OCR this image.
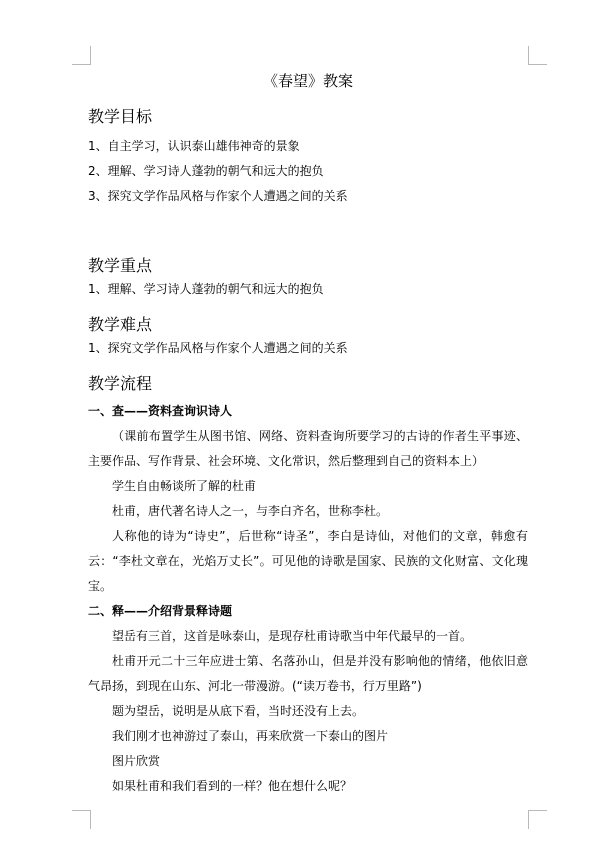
《春望》教案
教学目标

1、自主学习，认识泰山雄伟神奇的景象

2、理解、学习诗人蓬勃的朝气和远大的抱负

3、探究文学作品风格与作家个人遭遇之间的关系

教学重点

1、理解、学习诗人蓬勃的朝气和远大的抱负

教学难点

1、探究文学作品风格与作家个人遭遇之间的关系

教学流程

一、查——资料查询识诗人

（课前布置学生从图书馆、网络、资料查询所要学习的古诗的作者生平事迹、主要作品、写作背景、社会环境、文化常识，然后整理到自己的资料本上）

学生自由畅谈所了解的杜甫

杜甫，唐代著名诗人之一，与李白齐名，世称李杜。

人称他的诗为“诗史”，后世称“诗圣”，李白是诗仙，对他们的文章，韩愈有云：“李杜文章在，光焰万丈长”。可见他的诗歌是国家、民族的文化财富、文化瑰宝。

二、释——介绍背景释诗题

望岳有三首，这首是咏泰山，是现存杜甫诗歌当中年代最早的一首。

杜甫开元二十三年应进士第、名落孙山，但是并没有影响他的情绪，他依旧意气昂扬，到现在山东、河北一带漫游。(“读万卷书，行万里路”)

题为望岳，说明是从底下看，当时还没有上去。

我们刚才也神游过了泰山，再来欣赏一下泰山的图片

图片欣赏

如果杜甫和我们看到的一样？他在想什么呢？
